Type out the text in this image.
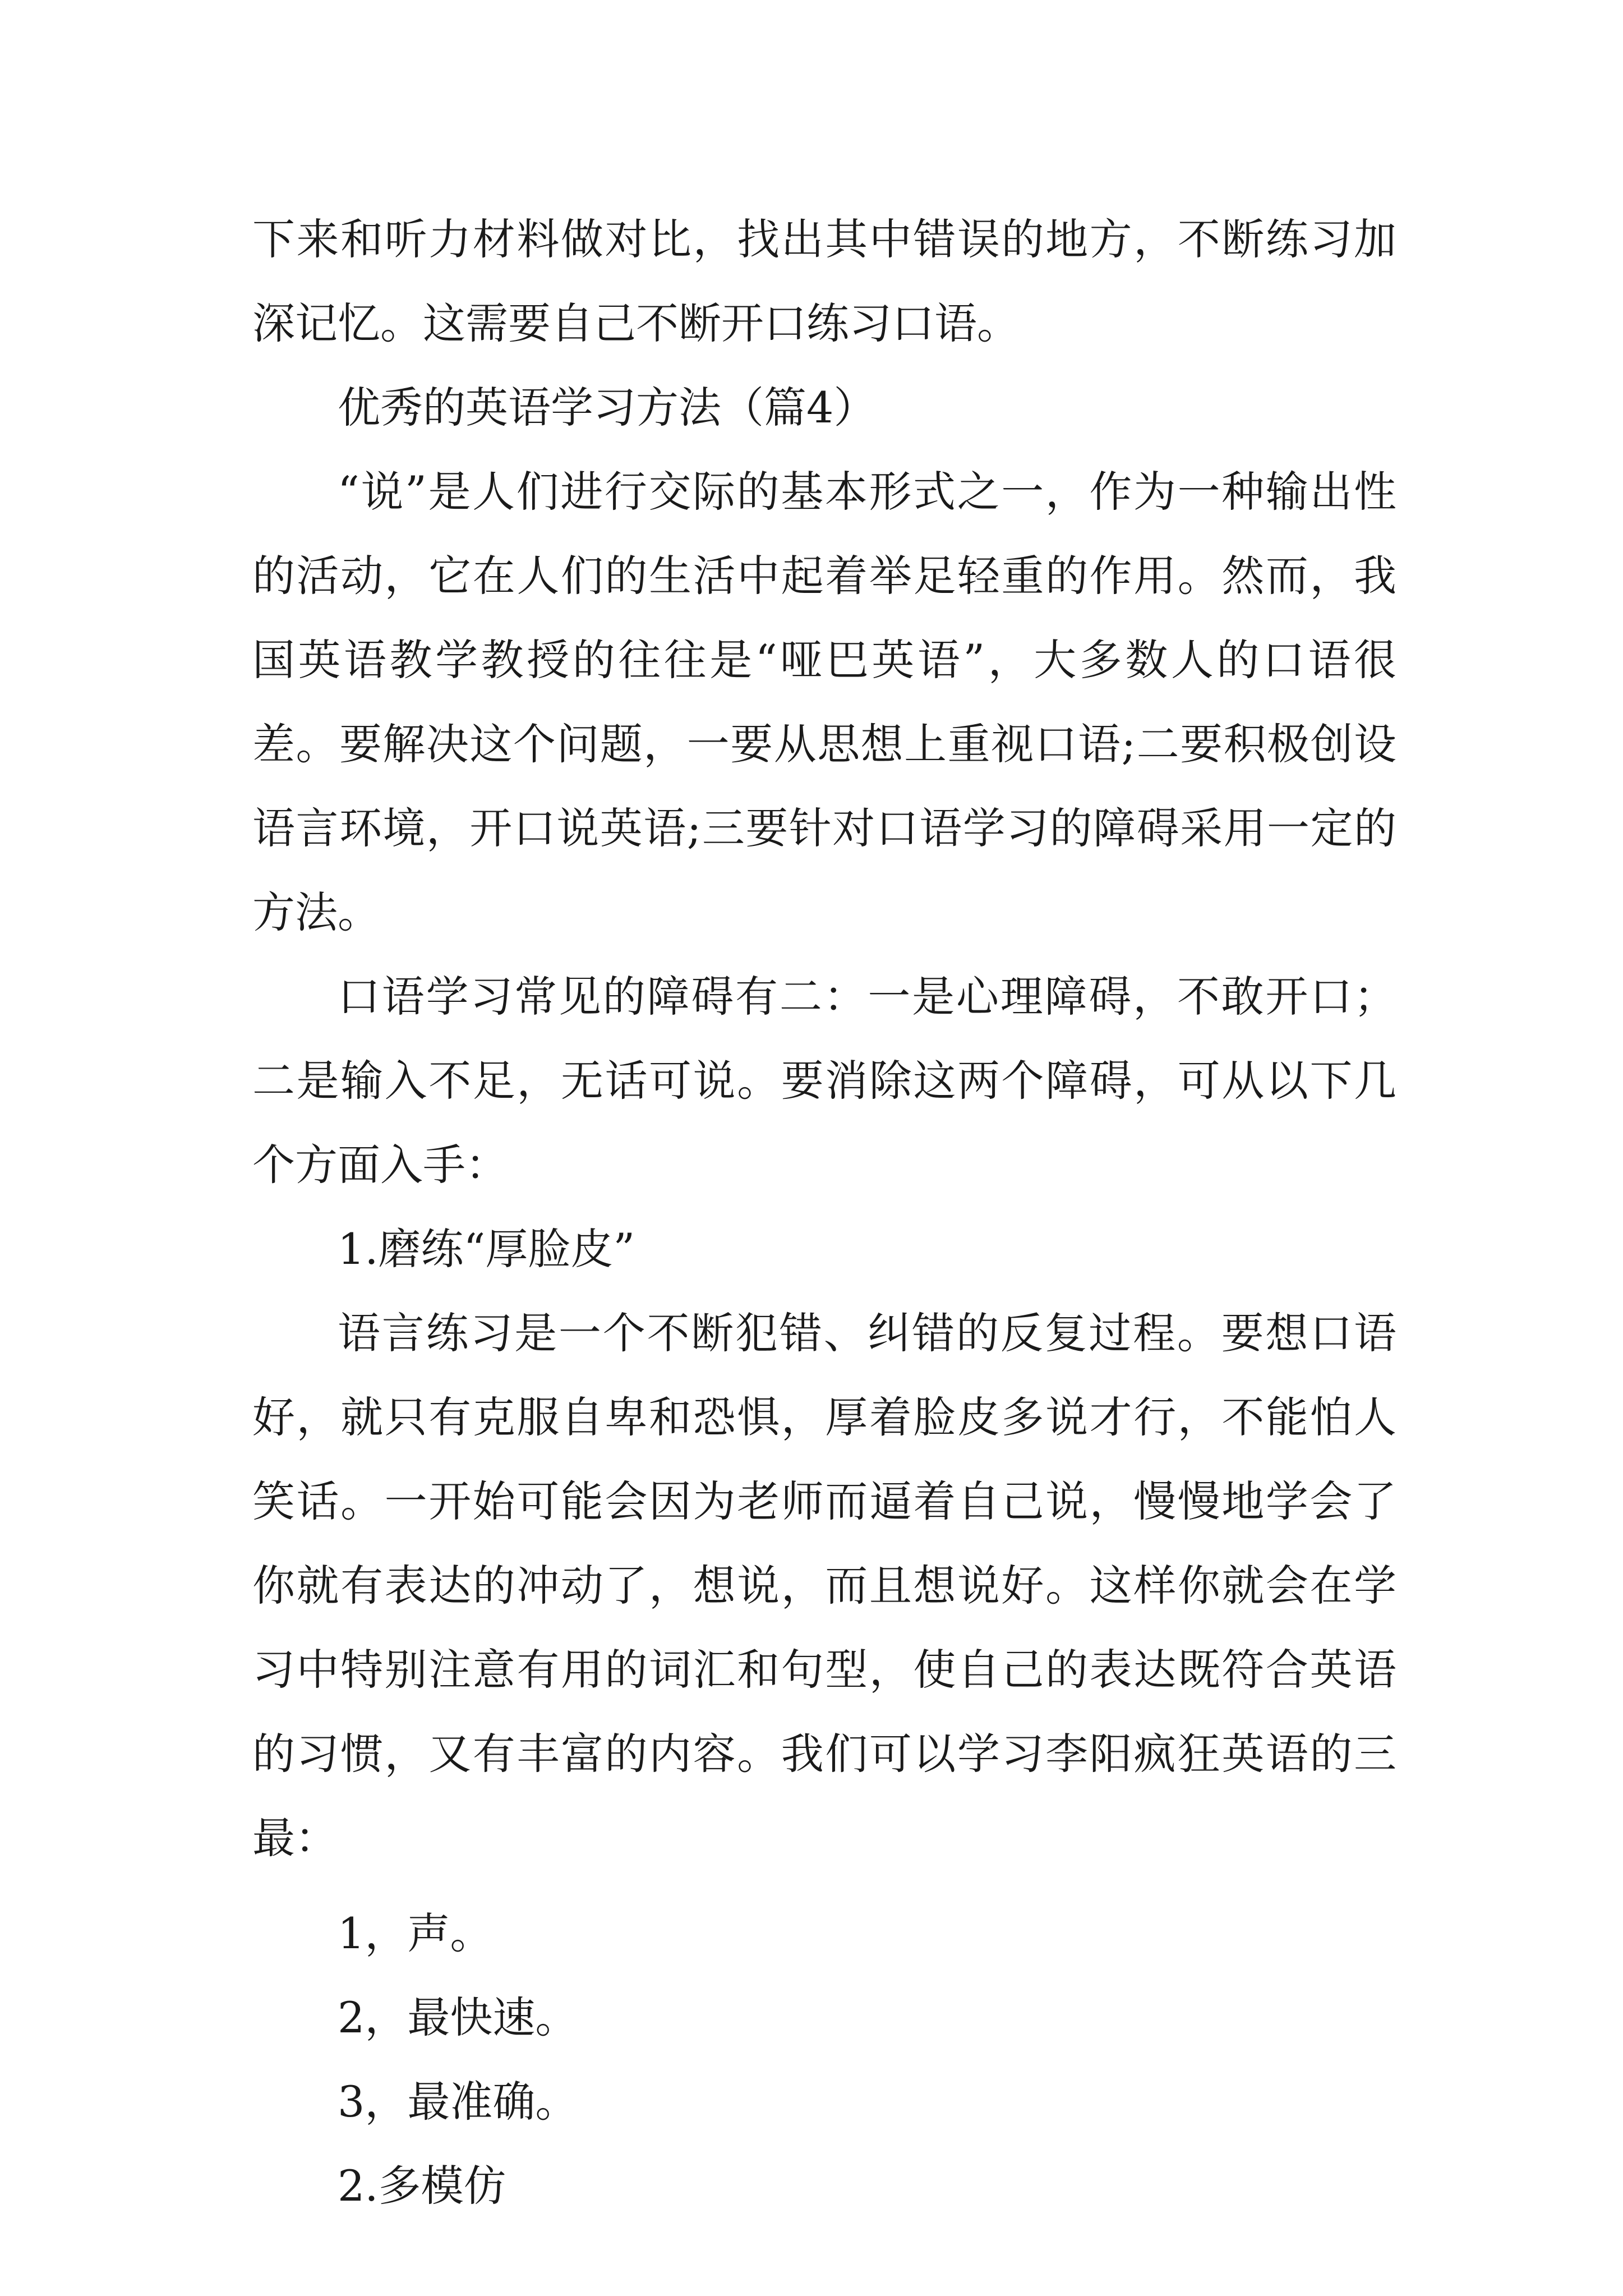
下来和听力材料做对比，找出其中错误的地方，不断练习加深记忆。这需要自己不断开口练习口语。

优秀的英语学习方法（篇4）

“说”是人们进行交际的基本形式之一，作为一种输出性的活动，它在人们的生活中起着举足轻重的作用。然而，我国英语教学教授的往往是“哑巴英语”，大多数人的口语很差。要解决这个问题，一要从思想上重视口语;二要积极创设语言环境，开口说英语;三要针对口语学习的障碍采用一定的方法。

口语学习常见的障碍有二：一是心理障碍，不敢开口；二是输入不足，无话可说。要消除这两个障碍，可从以下几个方面入手：

1.磨练“厚脸皮”

语言练习是一个不断犯错、纠错的反复过程。要想口语好，就只有克服自卑和恐惧，厚着脸皮多说才行，不能怕人笑话。一开始可能会因为老师而逼着自己说，慢慢地学会了你就有表达的冲动了，想说，而且想说好。这样你就会在学习中特别注意有用的词汇和句型，使自己的表达既符合英语的习惯，又有丰富的内容。我们可以学习李阳疯狂英语的三最：

1，声。

2，最快速。

3，最准确。

2.多模仿
